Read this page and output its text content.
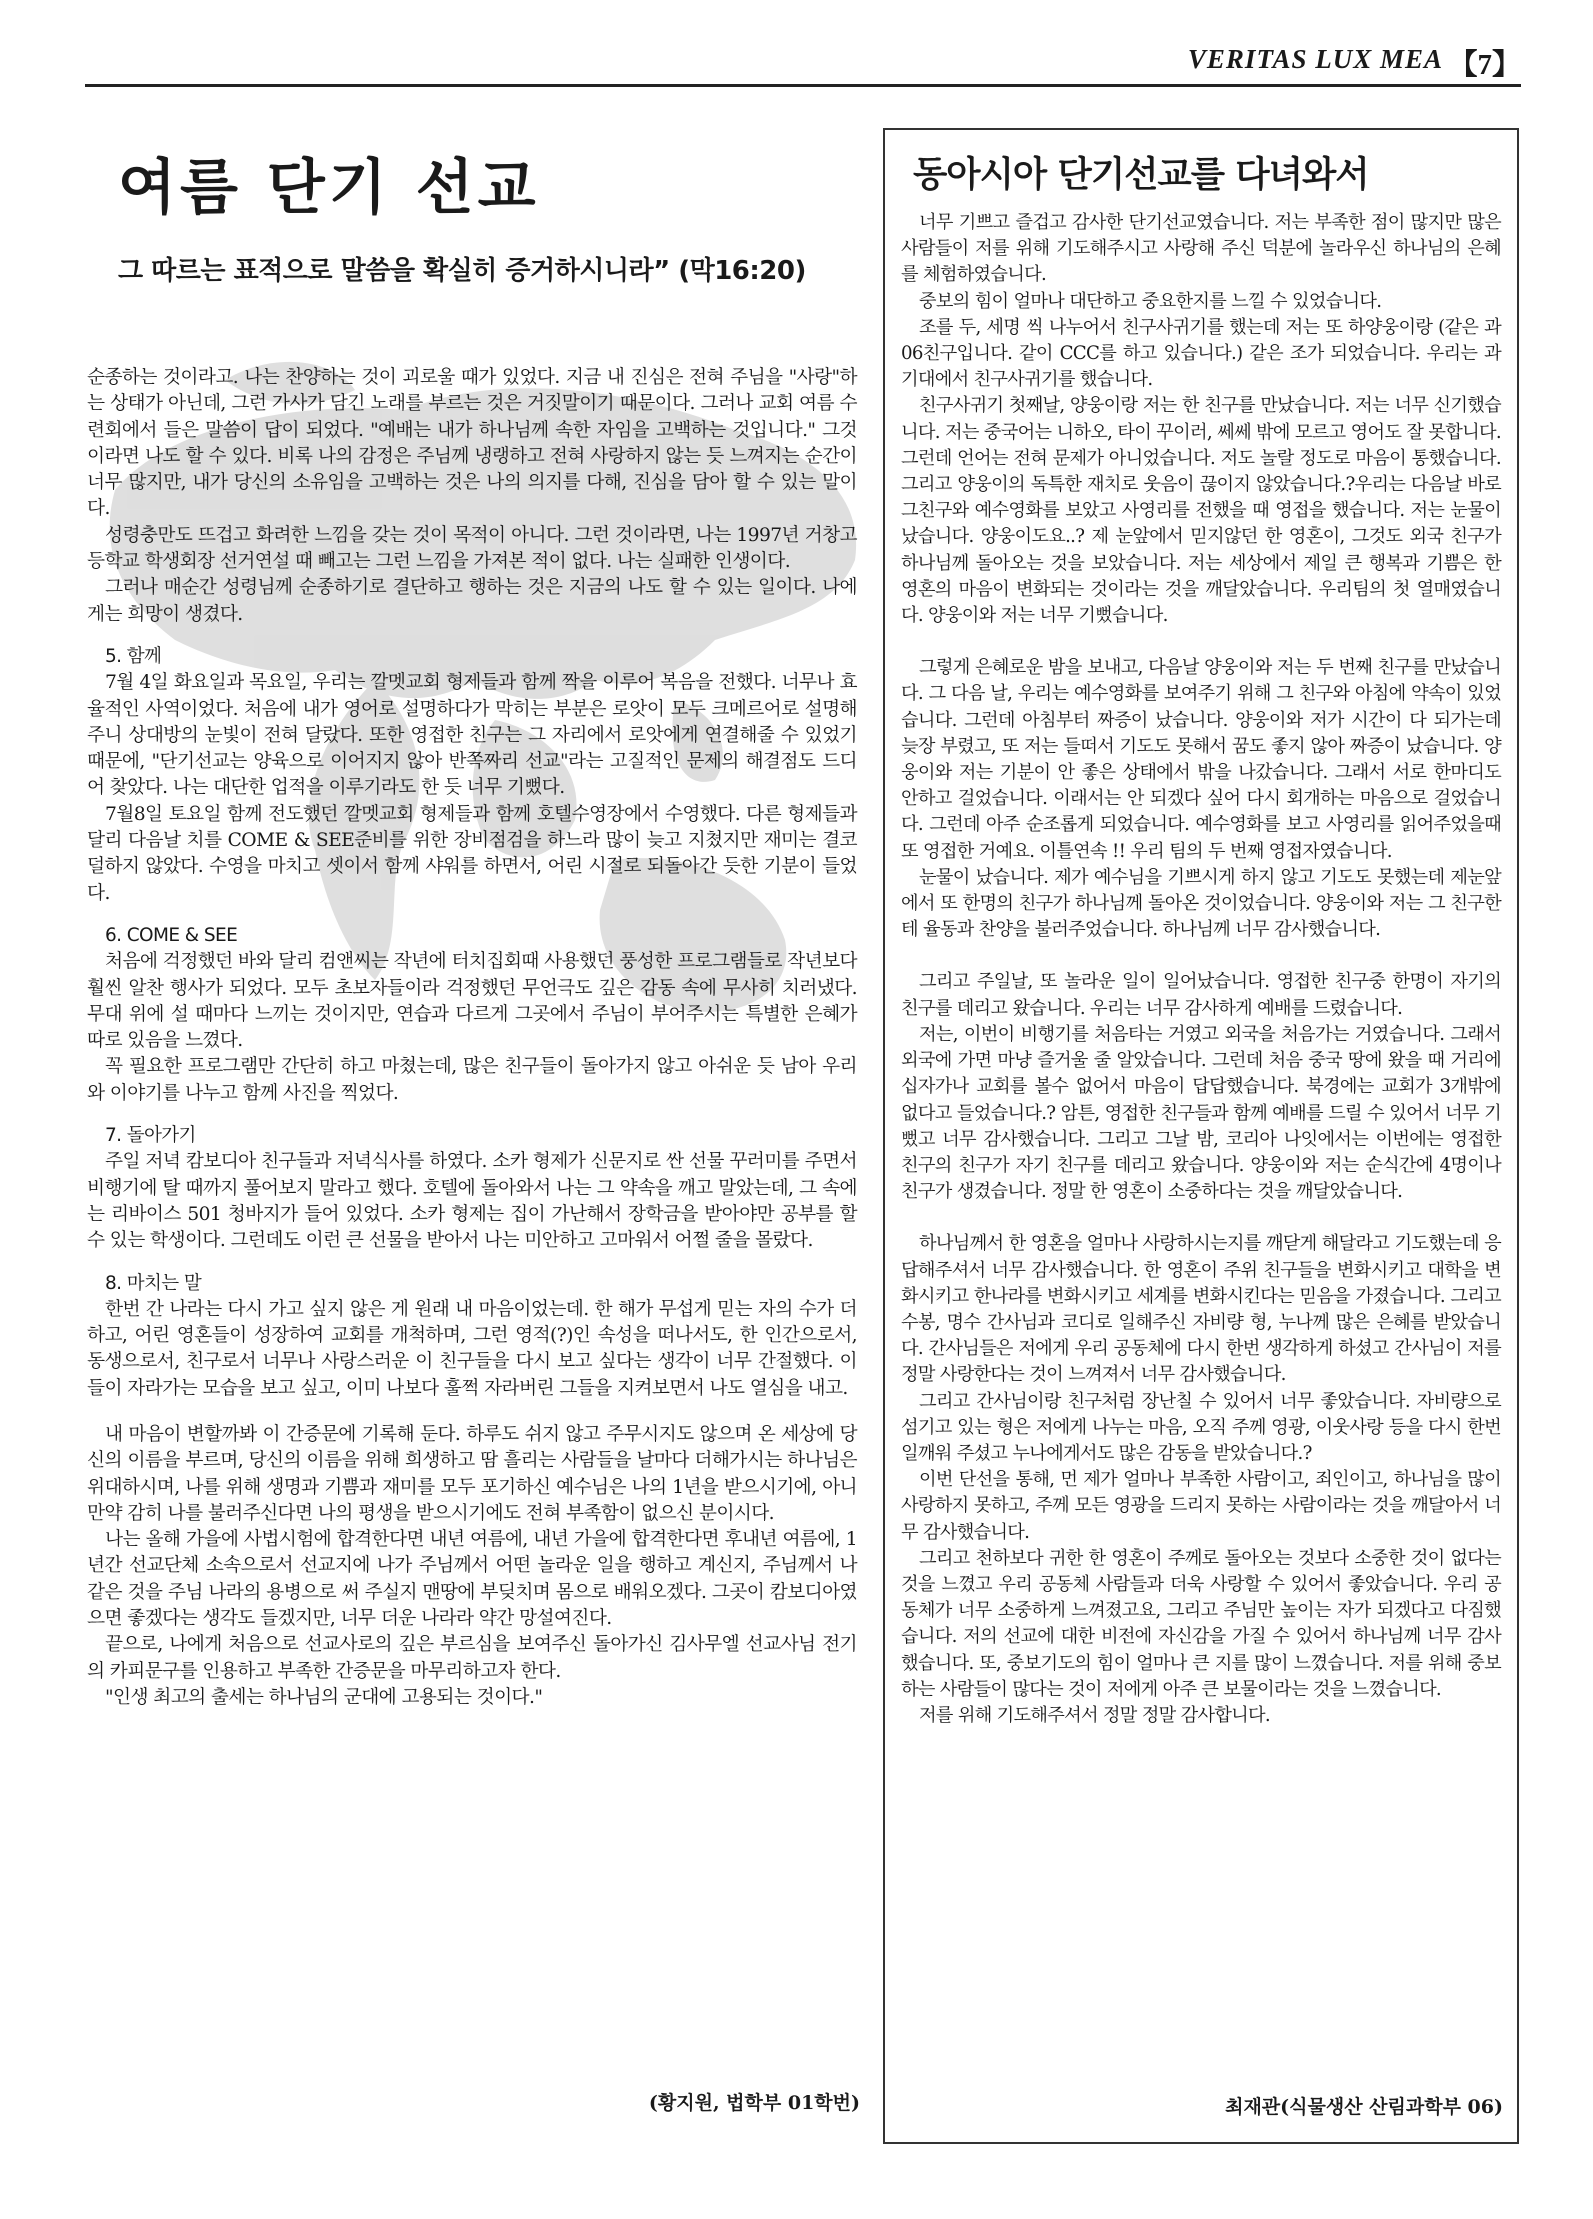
VERITAS LUX MEA 【7】
여름 단기 선교
그 따르는 표적으로 말씀을 확실히 증거하시니라” (막16:20)

순종하는 것이라고. 나는 찬양하는 것이 괴로울 때가 있었다. 지금 내 진심은 전혀 주님을 "사랑"하는 상태가 아닌데, 그런 가사가 담긴 노래를 부르는 것은 거짓말이기 때문이다. 그러나 교회 여름 수련회에서 들은 말씀이 답이 되었다. "예배는 내가 하나님께 속한 자임을 고백하는 것입니다." 그것이라면 나도 할 수 있다. 비록 나의 감정은 주님께 냉랭하고 전혀 사랑하지 않는 듯 느껴지는 순간이 너무 많지만, 내가 당신의 소유임을 고백하는 것은 나의 의지를 다해, 진심을 담아 할 수 있는 말이다.

성령충만도 뜨겁고 화려한 느낌을 갖는 것이 목적이 아니다. 그런 것이라면, 나는 1997년 거창고등학교 학생회장 선거연설 때 빼고는 그런 느낌을 가져본 적이 없다. 나는 실패한 인생이다.

그러나 매순간 성령님께 순종하기로 결단하고 행하는 것은 지금의 나도 할 수 있는 일이다. 나에게는 희망이 생겼다.

5. 함께

7월 4일 화요일과 목요일, 우리는 깔멧교회 형제들과 함께 짝을 이루어 복음을 전했다. 너무나 효율적인 사역이었다. 처음에 내가 영어로 설명하다가 막히는 부분은 로앗이 모두 크메르어로 설명해주니 상대방의 눈빛이 전혀 달랐다. 또한 영접한 친구는 그 자리에서 로앗에게 연결해줄 수 있었기 때문에, "단기선교는 양육으로 이어지지 않아 반쪽짜리 선교"라는 고질적인 문제의 해결점도 드디어 찾았다. 나는 대단한 업적을 이루기라도 한 듯 너무 기뻤다.

7월8일 토요일 함께 전도했던 깔멧교회 형제들과 함께 호텔수영장에서 수영했다. 다른 형제들과 달리 다음날 치를 COME & SEE준비를 위한 장비점검을 하느라 많이 늦고 지쳤지만 재미는 결코 덜하지 않았다. 수영을 마치고 셋이서 함께 샤워를 하면서, 어린 시절로 되돌아간 듯한 기분이 들었다.

6. COME & SEE

처음에 걱정했던 바와 달리 컴앤씨는 작년에 터치집회때 사용했던 풍성한 프로그램들로 작년보다 훨씬 알찬 행사가 되었다. 모두 초보자들이라 걱정했던 무언극도 깊은 감동 속에 무사히 치러냈다. 무대 위에 설 때마다 느끼는 것이지만, 연습과 다르게 그곳에서 주님이 부어주시는 특별한 은혜가 따로 있음을 느꼈다.

꼭 필요한 프로그램만 간단히 하고 마쳤는데, 많은 친구들이 돌아가지 않고 아쉬운 듯 남아 우리와 이야기를 나누고 함께 사진을 찍었다.

7. 돌아가기

주일 저녁 캄보디아 친구들과 저녁식사를 하였다. 소카 형제가 신문지로 싼 선물 꾸러미를 주면서 비행기에 탈 때까지 풀어보지 말라고 했다. 호텔에 돌아와서 나는 그 약속을 깨고 말았는데, 그 속에는 리바이스 501 청바지가 들어 있었다. 소카 형제는 집이 가난해서 장학금을 받아야만 공부를 할 수 있는 학생이다. 그런데도 이런 큰 선물을 받아서 나는 미안하고 고마워서 어쩔 줄을 몰랐다.

8. 마치는 말

한번 간 나라는 다시 가고 싶지 않은 게 원래 내 마음이었는데. 한 해가 무섭게 믿는 자의 수가 더하고, 어린 영혼들이 성장하여 교회를 개척하며, 그런 영적(?)인 속성을 떠나서도, 한 인간으로서, 동생으로서, 친구로서 너무나 사랑스러운 이 친구들을 다시 보고 싶다는 생각이 너무 간절했다. 이들이 자라가는 모습을 보고 싶고, 이미 나보다 훌쩍 자라버린 그들을 지켜보면서 나도 열심을 내고.

내 마음이 변할까봐 이 간증문에 기록해 둔다. 하루도 쉬지 않고 주무시지도 않으며 온 세상에 당신의 이름을 부르며, 당신의 이름을 위해 희생하고 땀 흘리는 사람들을 날마다 더해가시는 하나님은 위대하시며, 나를 위해 생명과 기쁨과 재미를 모두 포기하신 예수님은 나의 1년을 받으시기에, 아니 만약 감히 나를 불러주신다면 나의 평생을 받으시기에도 전혀 부족함이 없으신 분이시다.

나는 올해 가을에 사법시험에 합격한다면 내년 여름에, 내년 가을에 합격한다면 후내년 여름에, 1년간 선교단체 소속으로서 선교지에 나가 주님께서 어떤 놀라운 일을 행하고 계신지, 주님께서 나 같은 것을 주님 나라의 용병으로 써 주실지 맨땅에 부딪치며 몸으로 배워오겠다. 그곳이 캄보디아였으면 좋겠다는 생각도 들겠지만, 너무 더운 나라라 약간 망설여진다.

끝으로, 나에게 처음으로 선교사로의 깊은 부르심을 보여주신 돌아가신 김사무엘 선교사님 전기의 카피문구를 인용하고 부족한 간증문을 마무리하고자 한다.

"인생 최고의 출세는 하나님의 군대에 고용되는 것이다."

(황지원, 법학부 01학번)
동아시아 단기선교를 다녀와서

너무 기쁘고 즐겁고 감사한 단기선교였습니다. 저는 부족한 점이 많지만 많은 사람들이 저를 위해 기도해주시고 사랑해 주신 덕분에 놀라우신 하나님의 은혜를 체험하였습니다.

중보의 힘이 얼마나 대단하고 중요한지를 느낄 수 있었습니다.

조를 두, 세명 씩 나누어서 친구사귀기를 했는데 저는 또 하양웅이랑 (같은 과 06친구입니다. 같이 CCC를 하고 있습니다.) 같은 조가 되었습니다. 우리는 과기대에서 친구사귀기를 했습니다.

친구사귀기 첫째날, 양웅이랑 저는 한 친구를 만났습니다. 저는 너무 신기했습니다. 저는 중국어는 니하오, 타이 꾸이러, 쎄쎄 밖에 모르고 영어도 잘 못합니다. 그런데 언어는 전혀 문제가 아니었습니다. 저도 놀랄 정도로 마음이 통했습니다. 그리고 양웅이의 독특한 재치로 웃음이 끊이지 않았습니다.?우리는 다음날 바로 그친구와 예수영화를 보았고 사영리를 전했을 때 영접을 했습니다. 저는 눈물이 났습니다. 양웅이도요..? 제 눈앞에서 믿지않던 한 영혼이, 그것도 외국 친구가 하나님께 돌아오는 것을 보았습니다. 저는 세상에서 제일 큰 행복과 기쁨은 한 영혼의 마음이 변화되는 것이라는 것을 깨달았습니다. 우리팀의 첫 열매였습니다. 양웅이와 저는 너무 기뻤습니다.

그렇게 은혜로운 밤을 보내고, 다음날 양웅이와 저는 두 번째 친구를 만났습니다. 그 다음 날, 우리는 예수영화를 보여주기 위해 그 친구와 아침에 약속이 있었습니다. 그런데 아침부터 짜증이 났습니다. 양웅이와 저가 시간이 다 되가는데 늦장 부렸고, 또 저는 들떠서 기도도 못해서 꿈도 좋지 않아 짜증이 났습니다. 양웅이와 저는 기분이 안 좋은 상태에서 밖을 나갔습니다. 그래서 서로 한마디도 안하고 걸었습니다. 이래서는 안 되겠다 싶어 다시 회개하는 마음으로 걸었습니다. 그런데 아주 순조롭게 되었습니다. 예수영화를 보고 사영리를 읽어주었을때 또 영접한 거예요. 이틀연속 !! 우리 팀의 두 번째 영접자였습니다.

눈물이 났습니다. 제가 예수님을 기쁘시게 하지 않고 기도도 못했는데 제눈앞에서 또 한명의 친구가 하나님께 돌아온 것이었습니다. 양웅이와 저는 그 친구한테 율동과 찬양을 불러주었습니다. 하나님께 너무 감사했습니다.

그리고 주일날, 또 놀라운 일이 일어났습니다. 영접한 친구중 한명이 자기의 친구를 데리고 왔습니다. 우리는 너무 감사하게 예배를 드렸습니다.

저는, 이번이 비행기를 처음타는 거였고 외국을 처음가는 거였습니다. 그래서 외국에 가면 마냥 즐거울 줄 알았습니다. 그런데 처음 중국 땅에 왔을 때 거리에 십자가나 교회를 볼수 없어서 마음이 답답했습니다. 북경에는 교회가 3개밖에 없다고 들었습니다.? 암튼, 영접한 친구들과 함께 예배를 드릴 수 있어서 너무 기뻤고 너무 감사했습니다. 그리고 그날 밤, 코리아 나잇에서는 이번에는 영접한 친구의 친구가 자기 친구를 데리고 왔습니다. 양웅이와 저는 순식간에 4명이나 친구가 생겼습니다. 정말 한 영혼이 소중하다는 것을 깨달았습니다.

하나님께서 한 영혼을 얼마나 사랑하시는지를 깨닫게 해달라고 기도했는데 응답해주셔서 너무 감사했습니다. 한 영혼이 주위 친구들을 변화시키고 대학을 변화시키고 한나라를 변화시키고 세계를 변화시킨다는 믿음을 가졌습니다. 그리고 수봉, 명수 간사님과 코디로 일해주신 자비량 형, 누나께 많은 은혜를 받았습니다. 간사님들은 저에게 우리 공동체에 다시 한번 생각하게 하셨고 간사님이 저를 정말 사랑한다는 것이 느껴져서 너무 감사했습니다.

그리고 간사님이랑 친구처럼 장난칠 수 있어서 너무 좋았습니다. 자비량으로 섬기고 있는 형은 저에게 나누는 마음, 오직 주께 영광, 이웃사랑 등을 다시 한번 일깨워 주셨고 누나에게서도 많은 감동을 받았습니다.?

이번 단선을 통해, 먼 제가 얼마나 부족한 사람이고, 죄인이고, 하나님을 많이 사랑하지 못하고, 주께 모든 영광을 드리지 못하는 사람이라는 것을 깨달아서 너무 감사했습니다.

그리고 천하보다 귀한 한 영혼이 주께로 돌아오는 것보다 소중한 것이 없다는 것을 느꼈고 우리 공동체 사람들과 더욱 사랑할 수 있어서 좋았습니다. 우리 공동체가 너무 소중하게 느껴졌고요, 그리고 주님만 높이는 자가 되겠다고 다짐했습니다. 저의 선교에 대한 비전에 자신감을 가질 수 있어서 하나님께 너무 감사했습니다. 또, 중보기도의 힘이 얼마나 큰 지를 많이 느꼈습니다. 저를 위해 중보하는 사람들이 많다는 것이 저에게 아주 큰 보물이라는 것을 느꼈습니다.

저를 위해 기도해주셔서 정말 정말 감사합니다.

최재관(식물생산 산림과학부 06)
